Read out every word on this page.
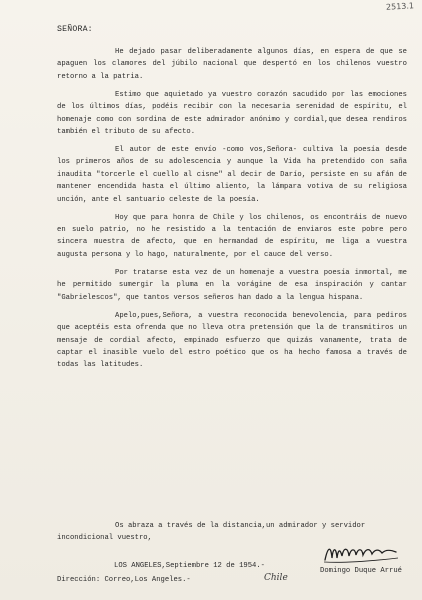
2513.1
SEÑORA:

He dejado pasar deliberadamente algunos días, en espera de que se apaguen los clamores del júbilo nacional que despertó en los chilenos vuestro retorno a la patria.

Estimo que aquietado ya vuestro corazón sacudido por las emociones de los últimos días, podéis recibir con la necesaria serenidad de espíritu, el homenaje como con sordina de este admirador anónimo y cordial,que desea rendiros también el tributo de su afecto.

El autor de este envío -como vos,Señora- cultiva la poesía desde los primeros años de su adolescencia y aunque la Vida ha pretendido con saña inaudita "torcerle el cuello al cisne" al decir de Darío, persiste en su afán de mantener encendida hasta el último aliento, la lámpara votiva de su religiosa unción, ante el santuario celeste de la poesía.

Hoy que para honra de Chile y los chilenos, os encontráis de nuevo en suelo patrio, no he resistido a la tentación de enviaros este pobre pero sincera muestra de afecto, que en hermandad de espíritu, me liga a vuestra augusta persona y lo hago, naturalmente, por el cauce del verso.

Por tratarse esta vez de un homenaje a vuestra poesía inmortal, me he permitido sumergir la pluma en la vorágine de esa inspiración y cantar "Gabrielescos", que tantos versos señeros han dado a la lengua hispana.

Apelo,pues,Señora, a vuestra reconocida benevolencia, para pediros que aceptéis esta ofrenda que no lleva otra pretensión que la de transmitiros un mensaje de cordial afecto, empinado esfuerzo que quizás vanamente, trata de captar el inasible vuelo del estro poético que os ha hecho famosa a través de todas las latitudes.

Os abraza a través de la distancia,un admirador y servidor incondicional vuestro,

LOS ANGELES,Septiembre 12 de 1954.-
Domingo Duque Arrué
Dirección: Correo,Los Angeles.-	Chile
